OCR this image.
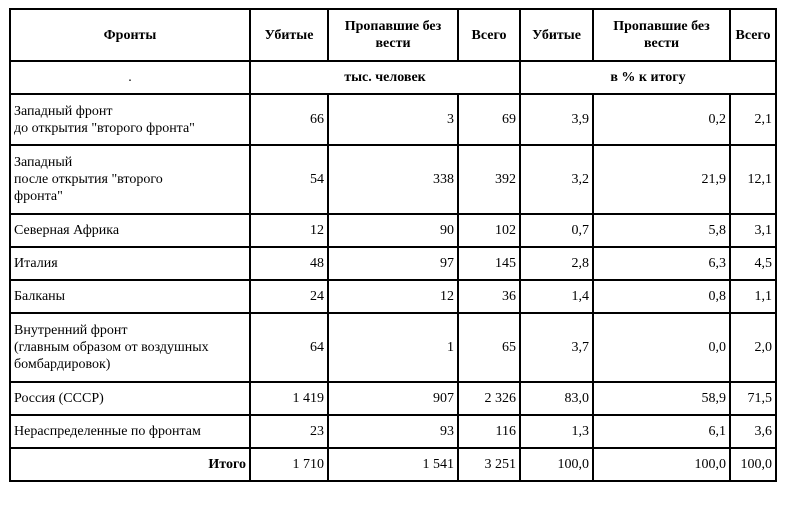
Фронты	Убитые	Пропавшие без вести	Всего	Убитые	Пропавшие без вести	Всего
.	тыс. человек			в % к итогу		

Западный фронт
до открытия "второго фронта"	66	3	69	3,9	0,2	2,1

Западный
после открытия "второго
фронта"	54	338	392	3,2	21,9	12,1

Северная Африка	12	90	102	0,7	5,8	3,1

Италия	48	97	145	2,8	6,3	4,5

Балканы	24	12	36	1,4	0,8	1,1

Внутренний фронт
(главным образом от воздушных
бомбардировок)	64	1	65	3,7	0,0	2,0

Россия (СССР)	1 419	907	2 326	83,0	58,9	71,5

Нераспределенные по фронтам	23	93	116	1,3	6,1	3,6
Итого	1 710	1 541	3 251	100,0	100,0	100,0
